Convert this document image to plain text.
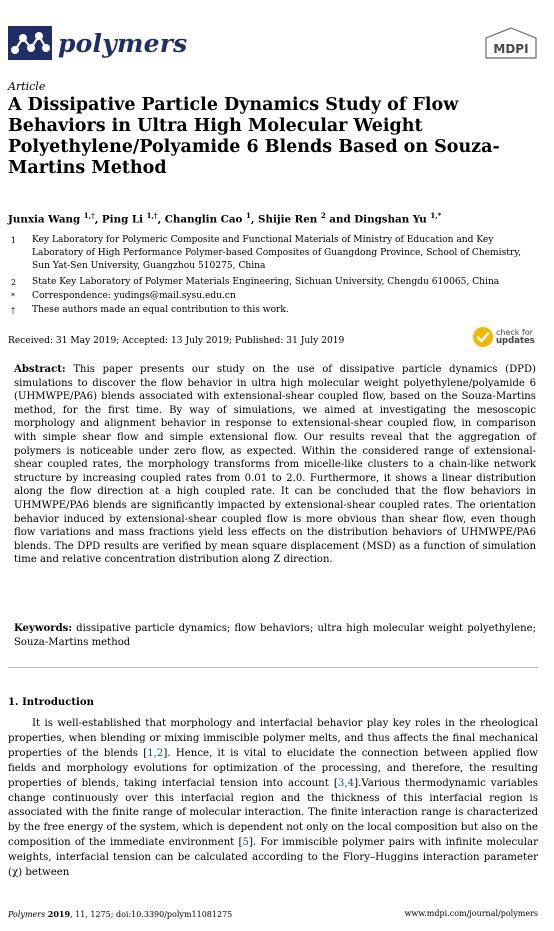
polymers	MDPI
Article
A Dissipative Particle Dynamics Study of Flow Behaviors in Ultra High Molecular Weight Polyethylene/Polyamide 6 Blends Based on Souza-Martins Method
Junxia Wang $^{1,\dagger}$, Ping Li $^{1,\dagger}$, Changlin Cao $^1$, Shijie Ren $^2$ and Dingshan Yu $^{1,*}$
1 Key Laboratory for Polymeric Composite and Functional Materials of Ministry of Education and Key Laboratory of High Performance Polymer-based Composites of Guangdong Province, School of Chemistry, Sun Yat-Sen University, Guangzhou 510275, China
2 State Key Laboratory of Polymer Materials Engineering, Sichuan University, Chengdu 610065, China
* Correspondence: yudings@mail.sysu.edu.cn
† These authors made an equal contribution to this work.
Received: 31 May 2019; Accepted: 13 July 2019; Published: 31 July 2019
check for
updates
Abstract: This paper presents our study on the use of dissipative particle dynamics (DPD) simulations to discover the flow behavior in ultra high molecular weight polyethylene/polyamide 6 (UHMWPE/PA6) blends associated with extensional-shear coupled flow, based on the Souza-Martins method, for the first time. By way of simulations, we aimed at investigating the mesoscopic morphology and alignment behavior in response to extensional-shear coupled flow, in comparison with simple shear flow and simple extensional flow. Our results reveal that the aggregation of polymers is noticeable under zero flow, as expected. Within the considered range of extensional-shear coupled rates, the morphology transforms from micelle-like clusters to a chain-like network structure by increasing coupled rates from 0.01 to 2.0. Furthermore, it shows a linear distribution along the flow direction at a high coupled rate. It can be concluded that the flow behaviors in UHMWPE/PA6 blends are significantly impacted by extensional-shear coupled rates. The orientation behavior induced by extensional-shear coupled flow is more obvious than shear flow, even though flow variations and mass fractions yield less effects on the distribution behaviors of UHMWPE/PA6 blends. The DPD results are verified by mean square displacement (MSD) as a function of simulation time and relative concentration distribution along Z direction.
Keywords: dissipative particle dynamics; flow behaviors; ultra high molecular weight polyethylene; Souza-Martins method
1. Introduction
It is well-established that morphology and interfacial behavior play key roles in the rheological properties, when blending or mixing immiscible polymer melts, and thus affects the final mechanical properties of the blends [1,2]. Hence, it is vital to elucidate the connection between applied flow fields and morphology evolutions for optimization of the processing, and therefore, the resulting properties of blends, taking interfacial tension into account [3,4].Various thermodynamic variables change continuously over this interfacial region and the thickness of this interfacial region is associated with the finite range of molecular interaction. The finite interaction range is characterized by the free energy of the system, which is dependent not only on the local composition but also on the composition of the immediate environment [5]. For immiscible polymer pairs with infinite molecular weights, interfacial tension can be calculated according to the Flory–Huggins interaction parameter (χ) between
Polymers 2019, 11, 1275; doi:10.3390/polym11081275	www.mdpi.com/journal/polymers
